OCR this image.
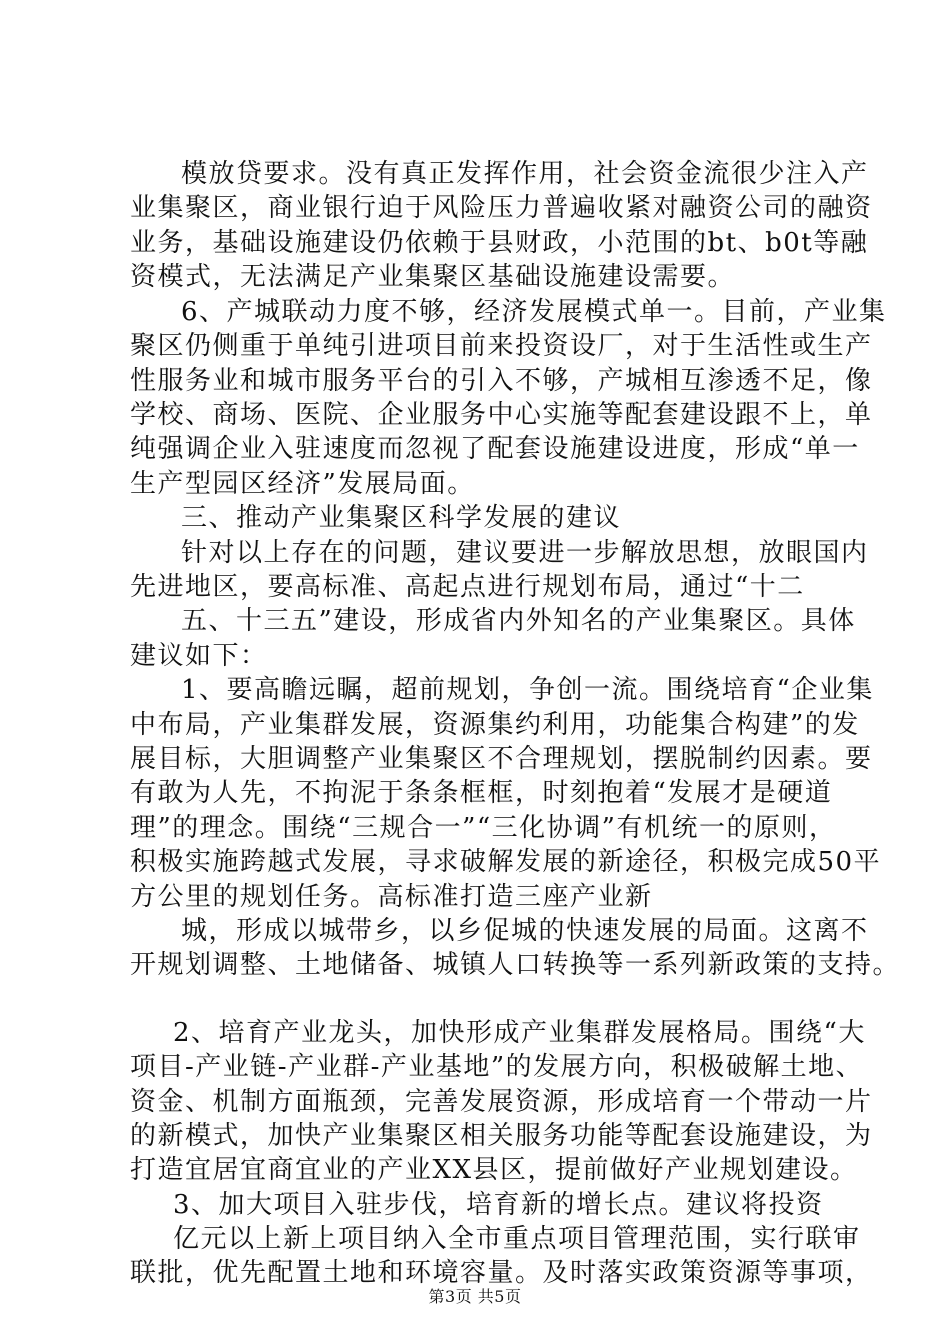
模放贷要求。没有真正发挥作用，社会资金流很少注入产
业集聚区，商业银行迫于风险压力普遍收紧对融资公司的融资
业务，基础设施建设仍依赖于县财政，小范围的bt、b0t等融
资模式，无法满足产业集聚区基础设施建设需要。
6、产城联动力度不够，经济发展模式单一。目前，产业集
聚区仍侧重于单纯引进项目前来投资设厂，对于生活性或生产
性服务业和城市服务平台的引入不够，产城相互渗透不足，像
学校、商场、医院、企业服务中心实施等配套建设跟不上，单
纯强调企业入驻速度而忽视了配套设施建设进度，形成“单一
生产型园区经济”发展局面。
三、推动产业集聚区科学发展的建议
针对以上存在的问题，建议要进一步解放思想，放眼国内
先进地区，要高标准、高起点进行规划布局，通过“十二
五、十三五”建设，形成省内外知名的产业集聚区。具体
建议如下：
1、要高瞻远瞩，超前规划，争创一流。围绕培育“企业集
中布局，产业集群发展，资源集约利用，功能集合构建”的发
展目标，大胆调整产业集聚区不合理规划，摆脱制约因素。要
有敢为人先，不拘泥于条条框框，时刻抱着“发展才是硬道
理”的理念。围绕“三规合一”“三化协调”有机统一的原则，
积极实施跨越式发展，寻求破解发展的新途径，积极完成50平
方公里的规划任务。高标准打造三座产业新
城，形成以城带乡，以乡促城的快速发展的局面。这离不
开规划调整、土地储备、城镇人口转换等一系列新政策的支持。
2、培育产业龙头，加快形成产业集群发展格局。围绕“大
项目-产业链-产业群-产业基地”的发展方向，积极破解土地、
资金、机制方面瓶颈，完善发展资源，形成培育一个带动一片
的新模式，加快产业集聚区相关服务功能等配套设施建设，为
打造宜居宜商宜业的产业XX县区，提前做好产业规划建设。
3、加大项目入驻步伐，培育新的增长点。建议将投资
亿元以上新上项目纳入全市重点项目管理范围，实行联审
联批，优先配置土地和环境容量。及时落实政策资源等事项，
第3页 共5页
